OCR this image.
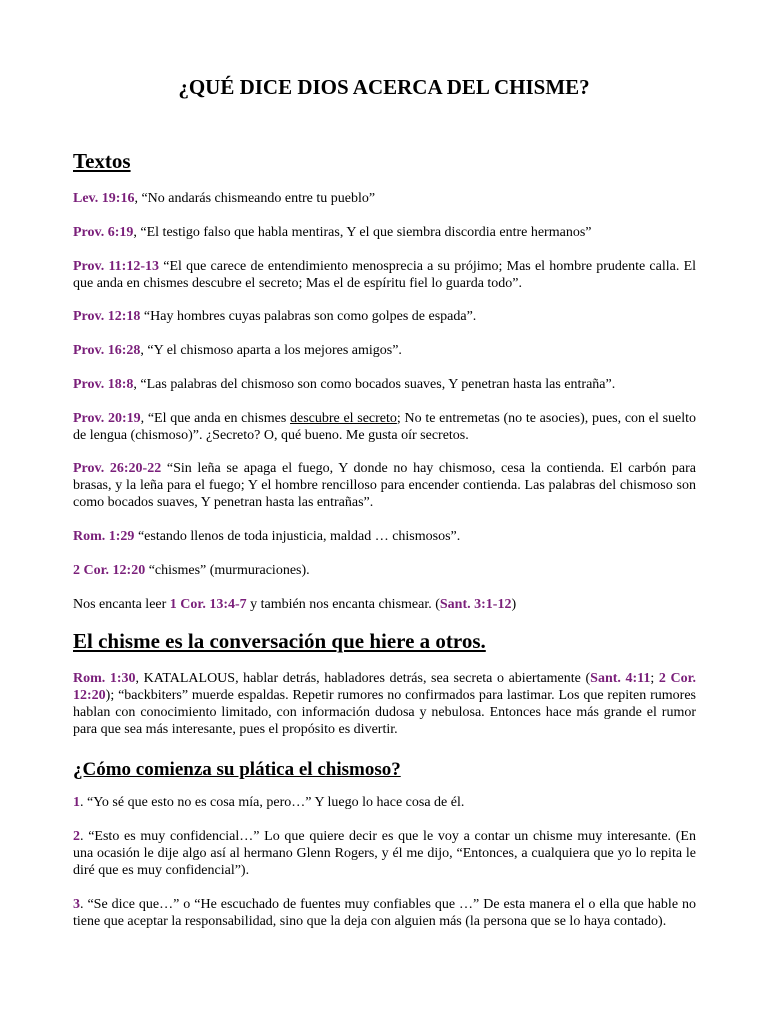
¿QUÉ DICE DIOS ACERCA DEL CHISME?
Textos

Lev. 19:16, “No andarás chismeando entre tu pueblo”

Prov. 6:19, “El testigo falso que habla mentiras, Y el que siembra discordia entre hermanos”

Prov. 11:12-13 “El que carece de entendimiento menosprecia a su prójimo; Mas el hombre prudente calla. El que anda en chismes descubre el secreto; Mas el de espíritu fiel lo guarda todo”.

Prov. 12:18 “Hay hombres cuyas palabras son como golpes de espada”.

Prov. 16:28, “Y el chismoso aparta a los mejores amigos”.

Prov. 18:8, “Las palabras del chismoso son como bocados suaves, Y penetran hasta las entraña”.

Prov. 20:19, “El que anda en chismes descubre el secreto; No te entremetas (no te asocies), pues, con el suelto de lengua (chismoso)”. ¿Secreto? O, qué bueno. Me gusta oír secretos.

Prov. 26:20-22 “Sin leña se apaga el fuego, Y donde no hay chismoso, cesa la contienda. El carbón para brasas, y la leña para el fuego; Y el hombre rencilloso para encender contienda. Las palabras del chismoso son como bocados suaves, Y penetran hasta las entrañas”.

Rom. 1:29 “estando llenos de toda injusticia, maldad … chismosos”.

2 Cor. 12:20 “chismes” (murmuraciones).

Nos encanta leer 1 Cor. 13:4-7 y también nos encanta chismear. (Sant. 3:1-12)

El chisme es la conversación que hiere a otros.

Rom. 1:30, KATALALOUS, hablar detrás, habladores detrás, sea secreta o abiertamente (Sant. 4:11; 2 Cor. 12:20); “backbiters” muerde espaldas. Repetir rumores no confirmados para lastimar. Los que repiten rumores hablan con conocimiento limitado, con información dudosa y nebulosa. Entonces hace más grande el rumor para que sea más interesante, pues el propósito es divertir.

¿Cómo comienza su plática el chismoso?

1. “Yo sé que esto no es cosa mía, pero…” Y luego lo hace cosa de él.

2. “Esto es muy confidencial…” Lo que quiere decir es que le voy a contar un chisme muy interesante. (En una ocasión le dije algo así al hermano Glenn Rogers, y él me dijo, “Entonces, a cualquiera que yo lo repita le diré que es muy confidencial”).

3. “Se dice que…” o “He escuchado de fuentes muy confiables que …” De esta manera el o ella que hable no tiene que aceptar la responsabilidad, sino que la deja con alguien más (la persona que se lo haya contado).
